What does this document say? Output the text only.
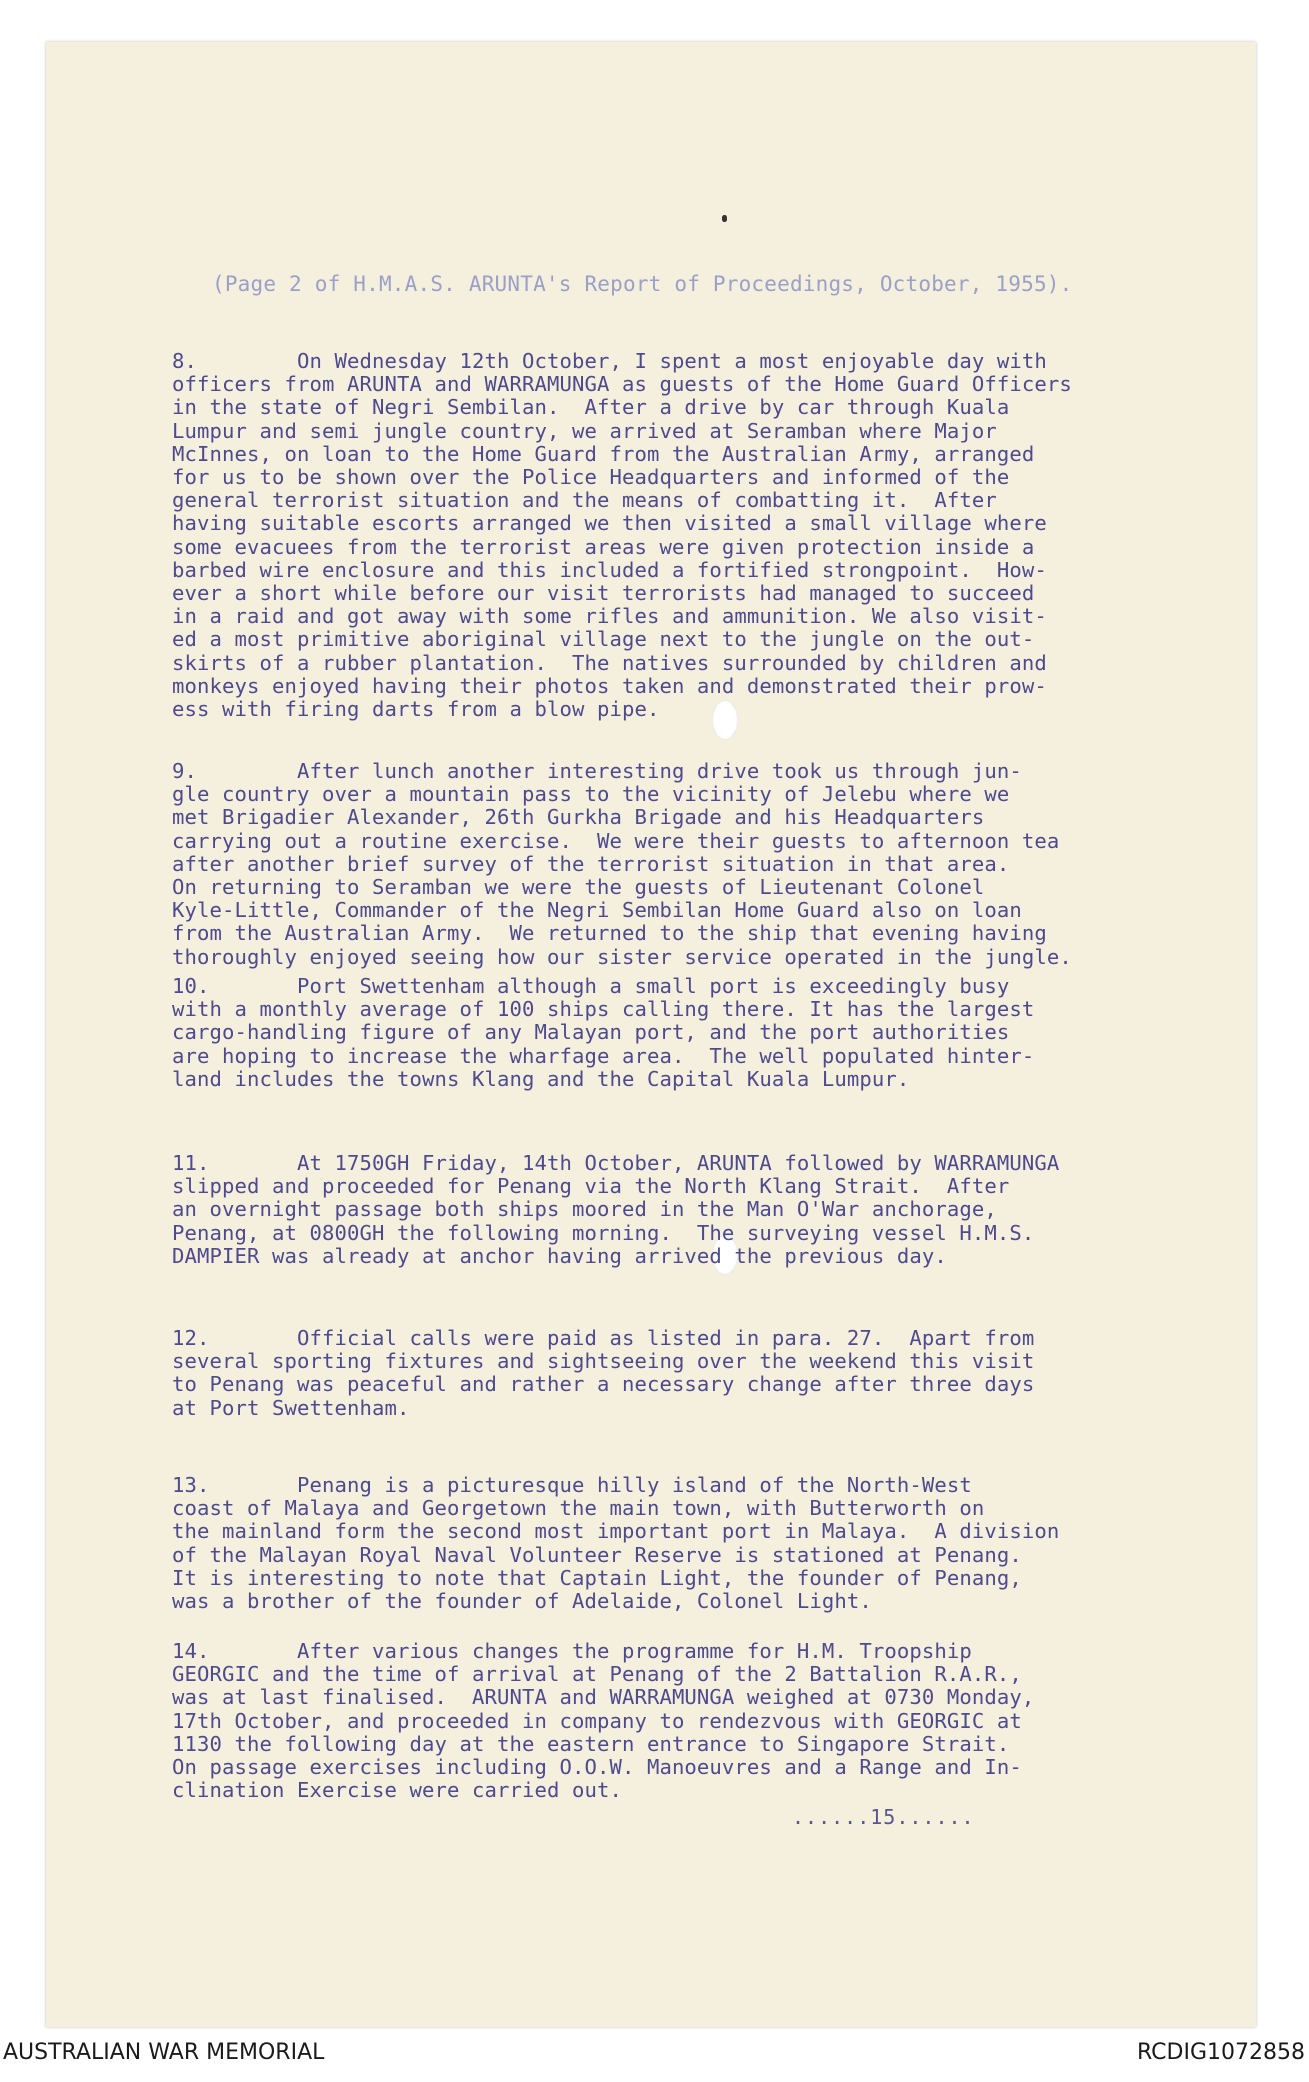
(Page 2 of H.M.A.S. ARUNTA's Report of Proceedings, October, 1955).
8.        On Wednesday 12th October, I spent a most enjoyable day with
officers from ARUNTA and WARRAMUNGA as guests of the Home Guard Officers
in the state of Negri Sembilan.  After a drive by car through Kuala
Lumpur and semi jungle country, we arrived at Seramban where Major
McInnes, on loan to the Home Guard from the Australian Army, arranged
for us to be shown over the Police Headquarters and informed of the
general terrorist situation and the means of combatting it.  After
having suitable escorts arranged we then visited a small village where
some evacuees from the terrorist areas were given protection inside a
barbed wire enclosure and this included a fortified strongpoint.  How-
ever a short while before our visit terrorists had managed to succeed
in a raid and got away with some rifles and ammunition. We also visit-
ed a most primitive aboriginal village next to the jungle on the out-
skirts of a rubber plantation.  The natives surrounded by children and
monkeys enjoyed having their photos taken and demonstrated their prow-
ess with firing darts from a blow pipe.
9.        After lunch another interesting drive took us through jun-
gle country over a mountain pass to the vicinity of Jelebu where we
met Brigadier Alexander, 26th Gurkha Brigade and his Headquarters
carrying out a routine exercise.  We were their guests to afternoon tea
after another brief survey of the terrorist situation in that area.
On returning to Seramban we were the guests of Lieutenant Colonel
Kyle-Little, Commander of the Negri Sembilan Home Guard also on loan
from the Australian Army.  We returned to the ship that evening having
thoroughly enjoyed seeing how our sister service operated in the jungle.
10.       Port Swettenham although a small port is exceedingly busy
with a monthly average of 100 ships calling there. It has the largest
cargo-handling figure of any Malayan port, and the port authorities
are hoping to increase the wharfage area.  The well populated hinter-
land includes the towns Klang and the Capital Kuala Lumpur.
11.       At 1750GH Friday, 14th October, ARUNTA followed by WARRAMUNGA
slipped and proceeded for Penang via the North Klang Strait.  After
an overnight passage both ships moored in the Man O'War anchorage,
Penang, at 0800GH the following morning.  The surveying vessel H.M.S.
DAMPIER was already at anchor having arrived the previous day.
12.       Official calls were paid as listed in para. 27.  Apart from
several sporting fixtures and sightseeing over the weekend this visit
to Penang was peaceful and rather a necessary change after three days
at Port Swettenham.
13.       Penang is a picturesque hilly island of the North-West
coast of Malaya and Georgetown the main town, with Butterworth on
the mainland form the second most important port in Malaya.  A division
of the Malayan Royal Naval Volunteer Reserve is stationed at Penang.
It is interesting to note that Captain Light, the founder of Penang,
was a brother of the founder of Adelaide, Colonel Light.
14.       After various changes the programme for H.M. Troopship
GEORGIC and the time of arrival at Penang of the 2 Battalion R.A.R.,
was at last finalised.  ARUNTA and WARRAMUNGA weighed at 0730 Monday,
17th October, and proceeded in company to rendezvous with GEORGIC at
1130 the following day at the eastern entrance to Singapore Strait.
On passage exercises including O.O.W. Manoeuvres and a Range and In-
clination Exercise were carried out.
......15......
AUSTRALIAN WAR MEMORIAL	RCDIG1072858
